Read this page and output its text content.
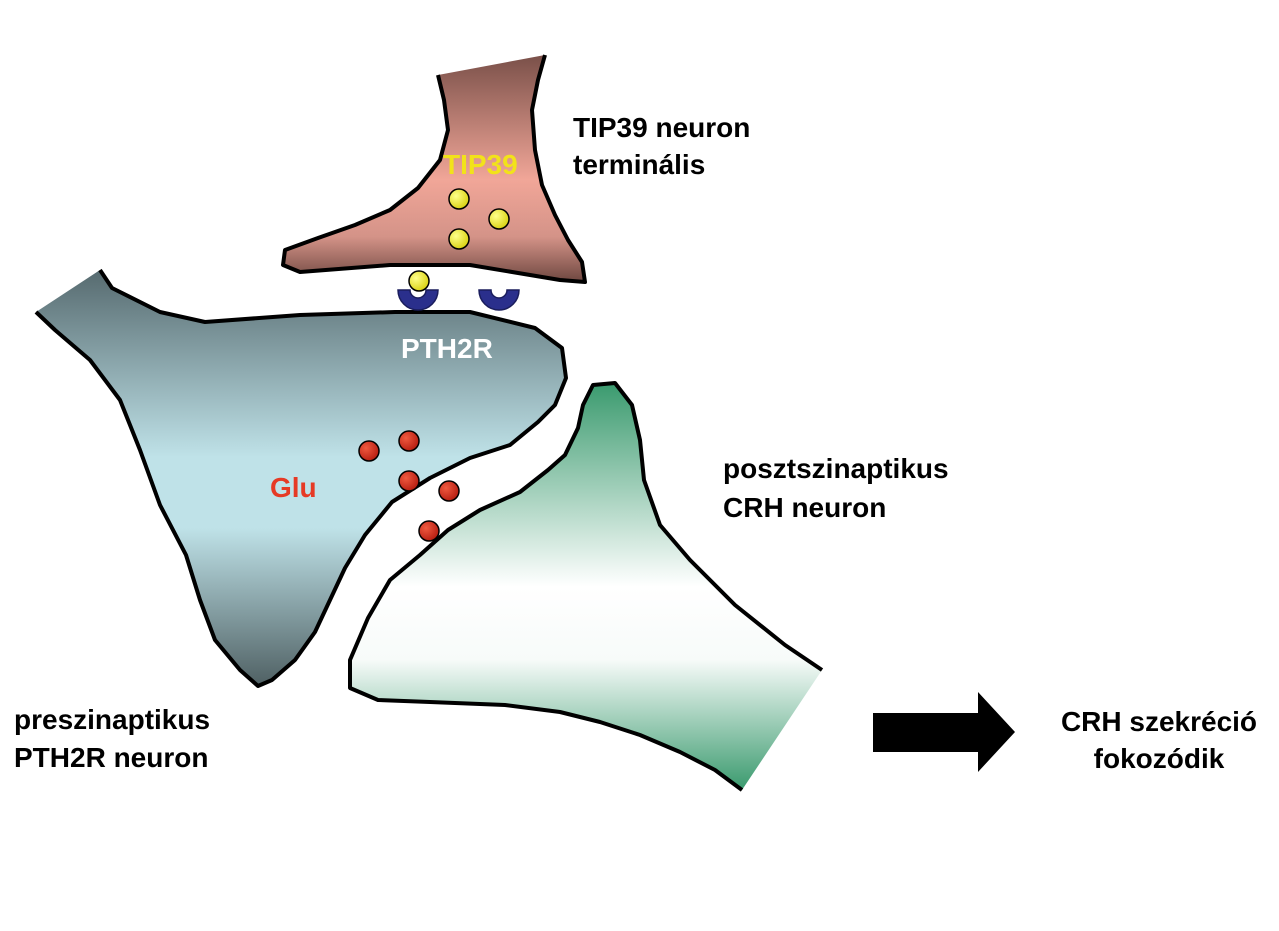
TIP39
PTH2R
Glu
TIP39 neuron
terminális
posztszinaptikus
CRH neuron
preszinaptikus
PTH2R neuron
CRH szekréció
fokozódik
